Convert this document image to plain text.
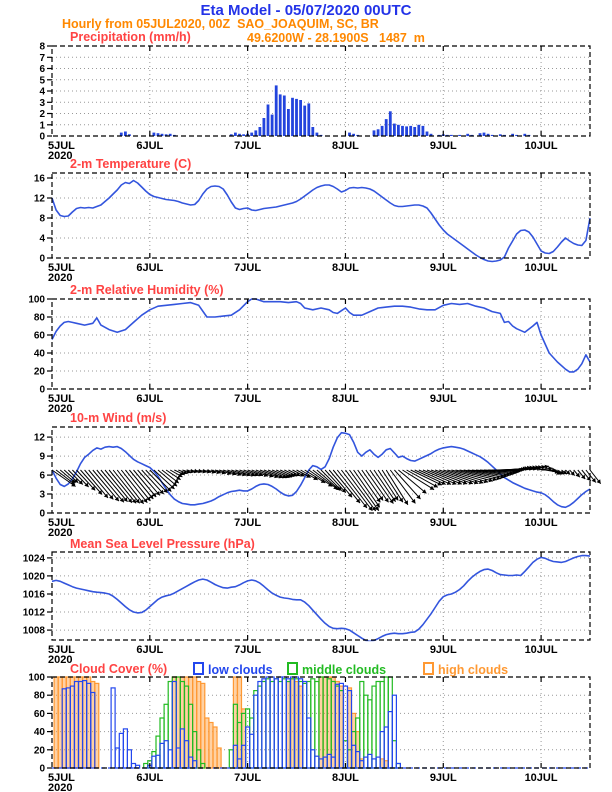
Eta Model - 05/07/2020 00UTC
Hourly from 05JUL2020, 00Z  SAO_JOAQUIM, SC, BR
49.6200W - 28.1900S   1487  m
Precipitation (mm/h)
2-m Temperature (C)
2-m Relative Humidity (%)
10-m Wind (m/s)
Mean Sea Level Pressure (hPa)
Cloud Cover (%)	low clouds	middle clouds	high clouds
0
1
2
3
4
5
6
7
8
5JUL
2020
6JUL	7JUL	8JUL	9JUL	10JUL
0
4
8
12
16
5JUL
2020
6JUL	7JUL	8JUL	9JUL	10JUL
0
20
40
60
80
100
5JUL
2020
6JUL	7JUL	8JUL	9JUL	10JUL
0
3
6
9
12
5JUL
2020
6JUL	7JUL	8JUL	9JUL	10JUL
1008
1012
1016
1020
1024
5JUL
2020
6JUL	7JUL	8JUL	9JUL	10JUL
0
20
40
60
80
100
5JUL
2020
6JUL	7JUL	8JUL	9JUL	10JUL
